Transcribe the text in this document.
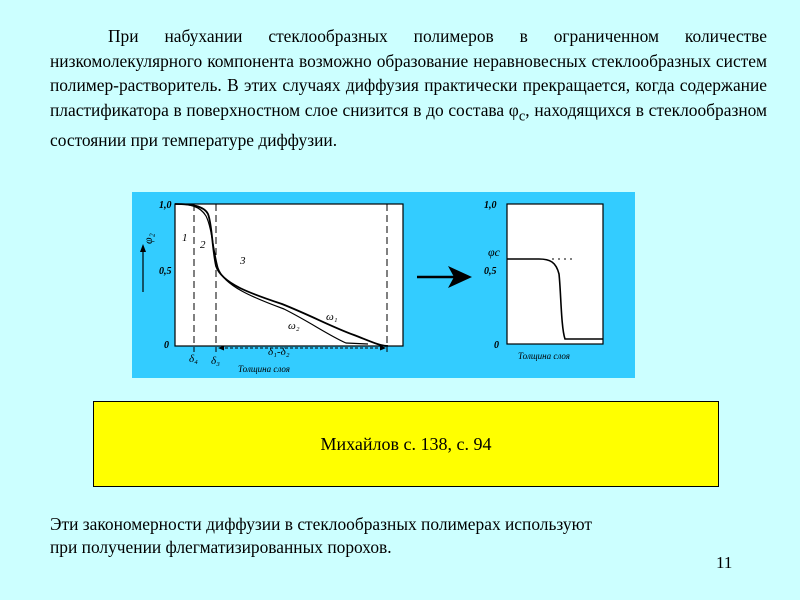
При набухании стеклообразных полимеров в ограниченном количестве низкомолекулярного компонента возможно образование неравновесных стеклообразных систем полимер-растворитель. В этих случаях диффузия практически прекращается, когда содержание пластификатора в поверхностном слое снизится в до состава $\varphi_c$, находящихся в стеклообразном состоянии при температуре диффузии.

1,0
0,5
0
φ₂ 1
2
3
ω₁
ω₂
δ₁-δ₂
δ₄ δ₃
Толщина слоя
1,0
0,5
0
φc
Толщина слоя
Михайлов с. 138, с. 94

Эти закономерности диффузии в стеклообразных полимерах используют
при получении флегматизированных порохов.

11
